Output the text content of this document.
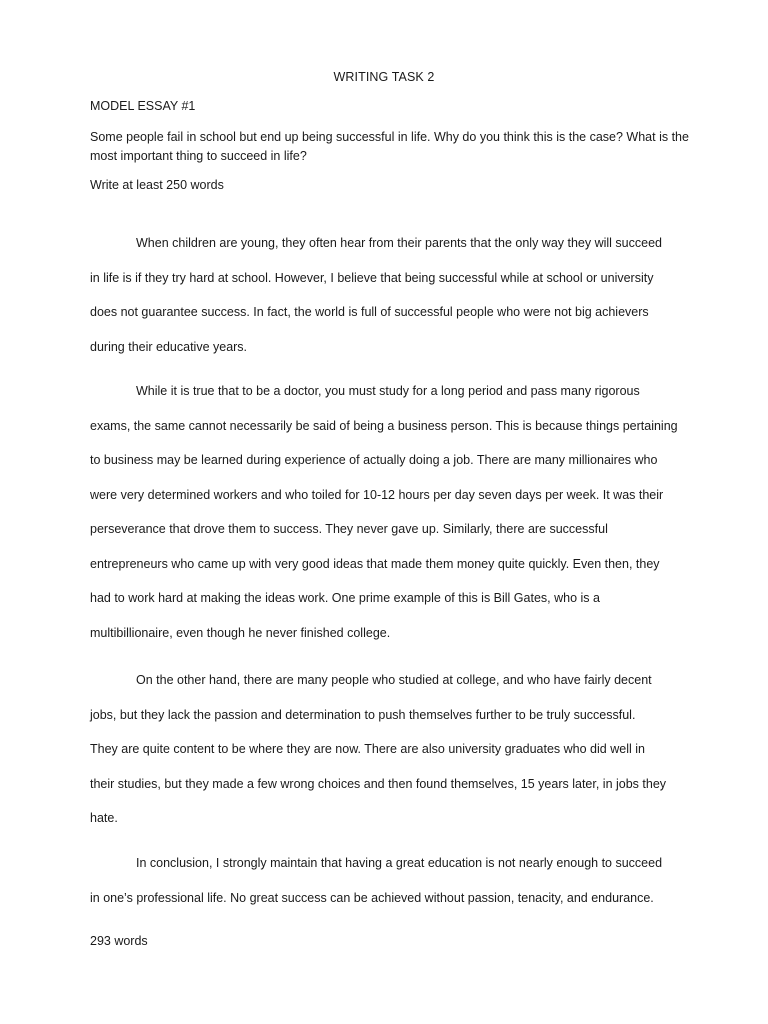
WRITING TASK 2
MODEL ESSAY #1

Some people fail in school but end up being successful in life. Why do you think this is the case? What is the most important thing to succeed in life?

Write at least 250 words

When children are young, they often hear from their parents that the only way they will succeed
in life is if they try hard at school. However, I believe that being successful while at school or university
does not guarantee success. In fact, the world is full of successful people who were not big achievers
during their educative years.

While it is true that to be a doctor, you must study for a long period and pass many rigorous
exams, the same cannot necessarily be said of being a business person. This is because things pertaining
to business may be learned during experience of actually doing a job. There are many millionaires who
were very determined workers and who toiled for 10-12 hours per day seven days per week. It was their
perseverance that drove them to success. They never gave up. Similarly, there are successful
entrepreneurs who came up with very good ideas that made them money quite quickly. Even then, they
had to work hard at making the ideas work. One prime example of this is Bill Gates, who is a
multibillionaire, even though he never finished college.

On the other hand, there are many people who studied at college, and who have fairly decent
jobs, but they lack the passion and determination to push themselves further to be truly successful.
They are quite content to be where they are now. There are also university graduates who did well in
their studies, but they made a few wrong choices and then found themselves, 15 years later, in jobs they
hate.

In conclusion, I strongly maintain that having a great education is not nearly enough to succeed
in one’s professional life. No great success can be achieved without passion, tenacity, and endurance.

293 words
